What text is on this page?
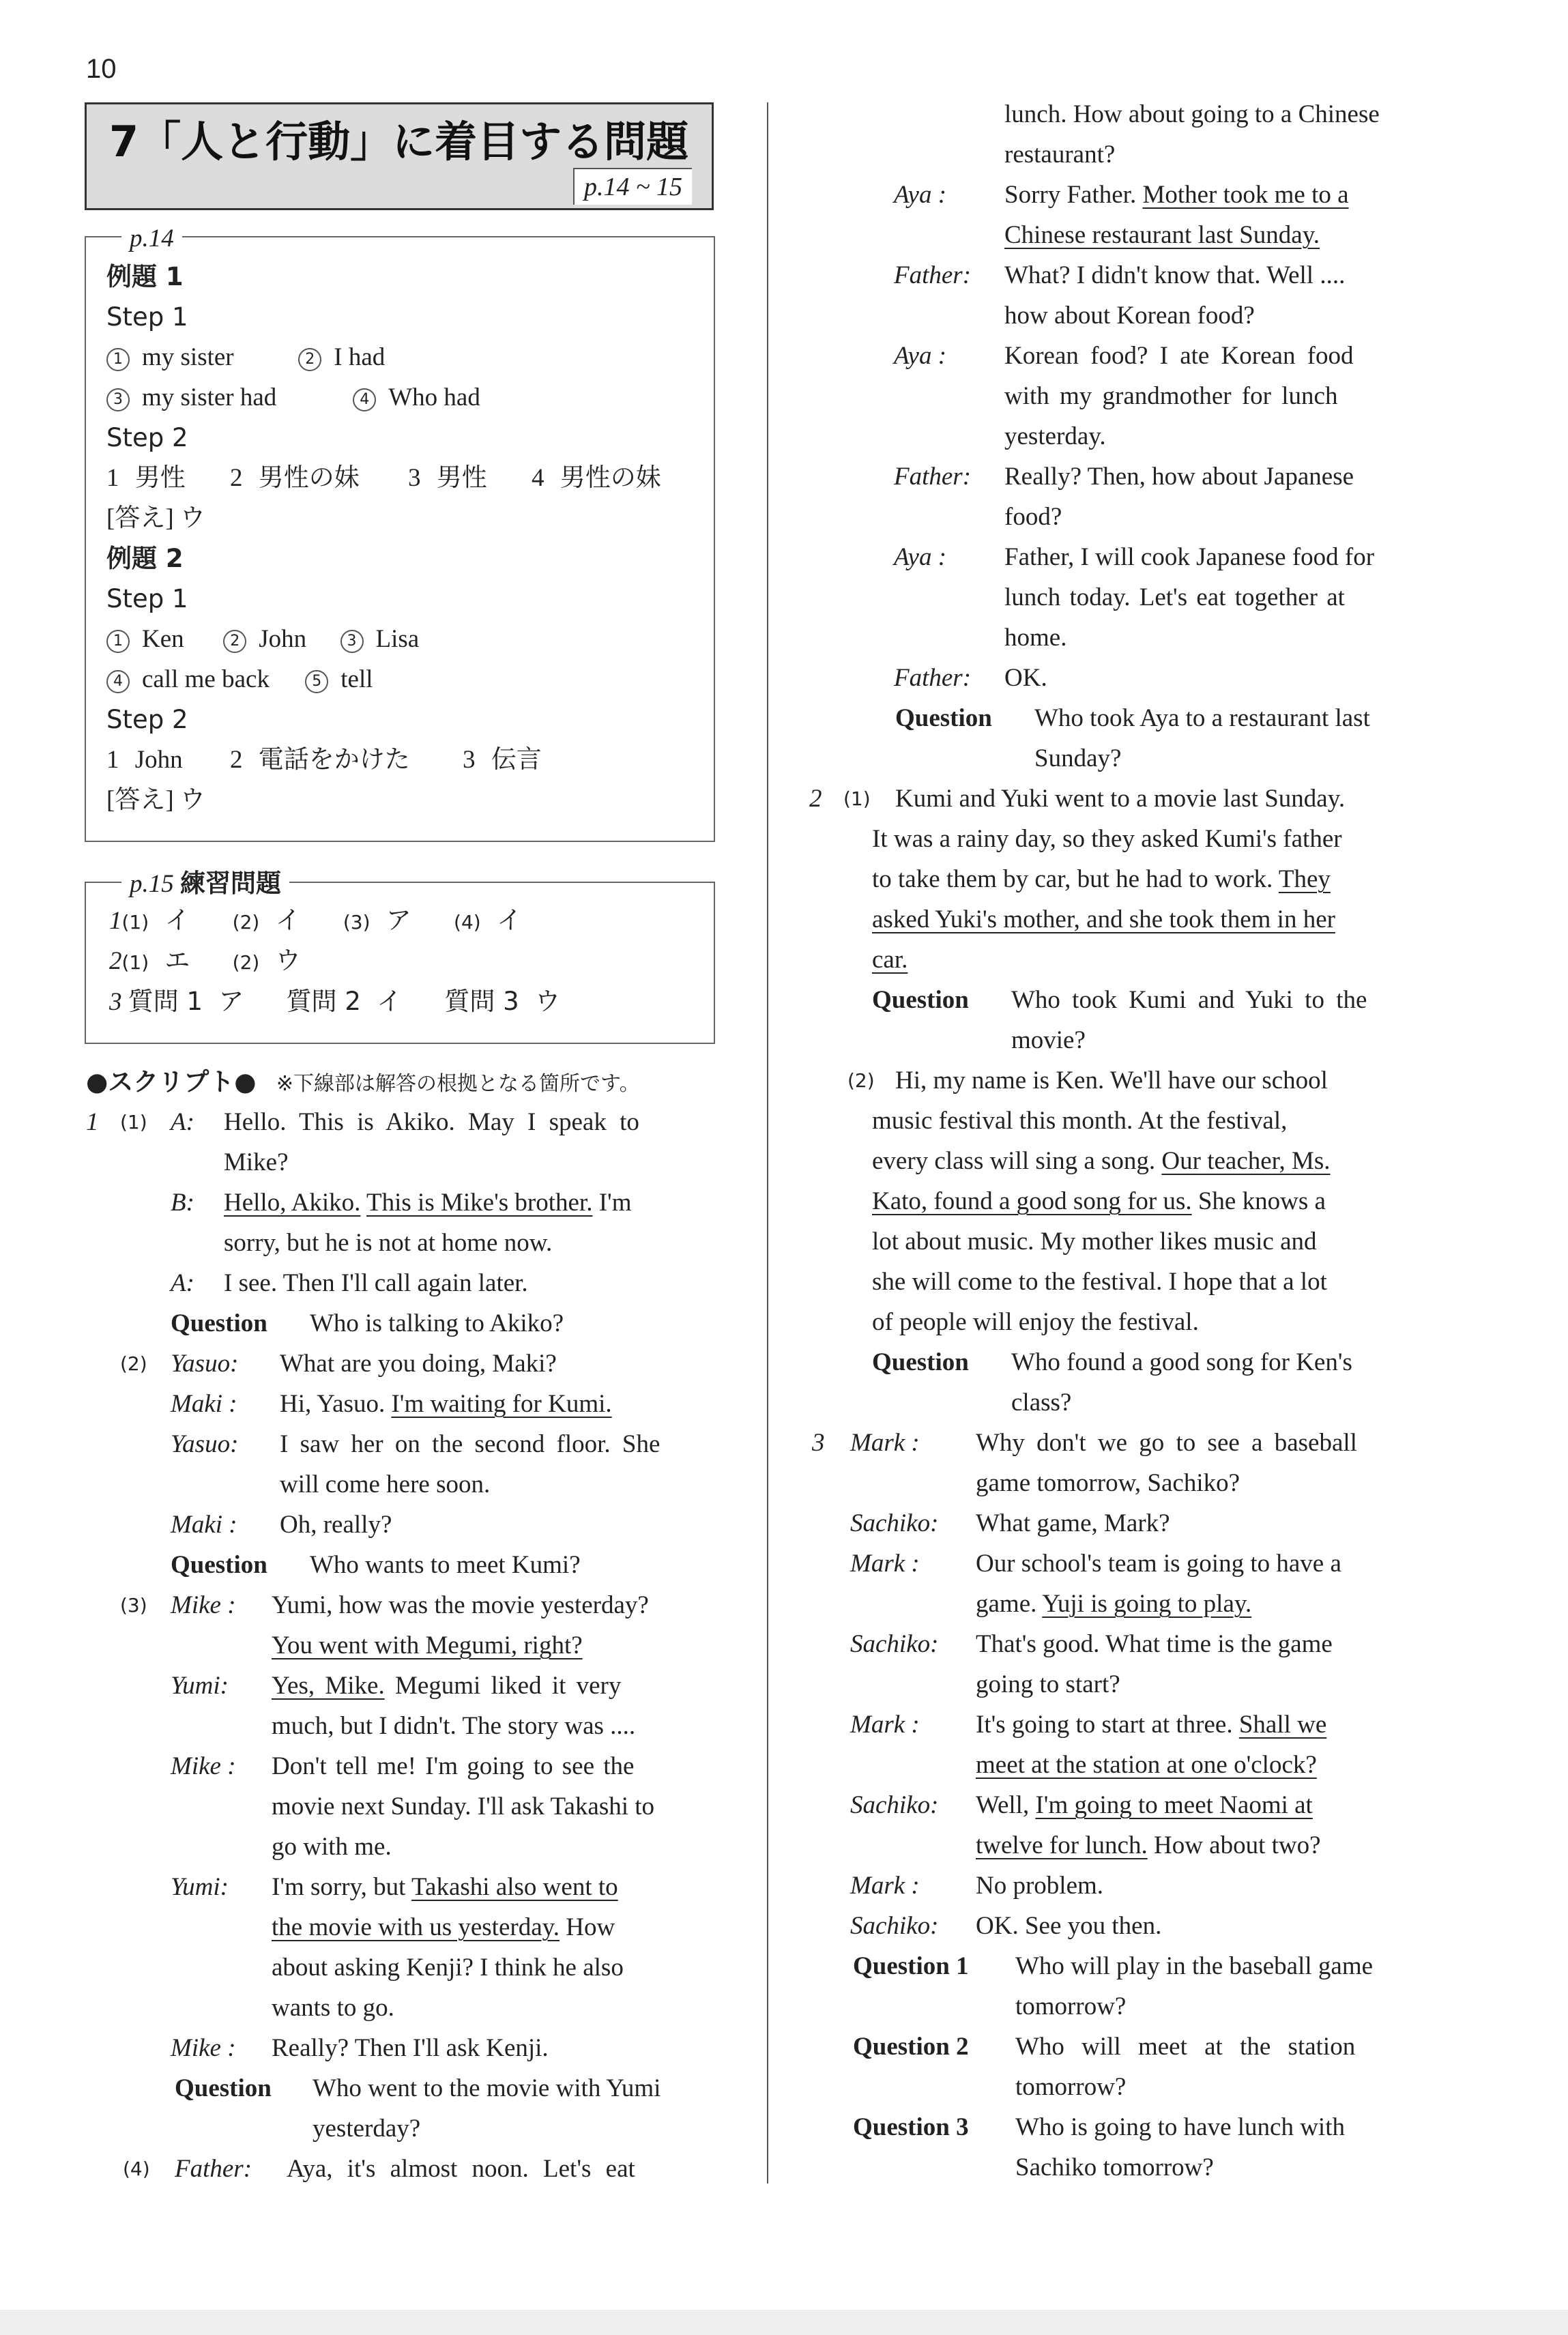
10
7「人と行動」に着目する問題
p.14 ~ 15
p.14
例題 1
Step 1
1 my sister	2 I had
3 my sister had	4 Who had
Step 2
1 男性 2 男性の妹 3 男性 4 男性の妹
[答え] ウ
例題 2
Step 1
1 Ken	2 John	3 Lisa
4 call me back	5 tell
Step 2
1 John 2 電話をかけた 3 伝言
[答え] ウ
p.15 練習問題
1(1) イ (2) イ (3) ア (4) イ
2(1) エ (2) ウ
3 質問 1 ア 質問 2 イ 質問 3 ウ
●スクリプト● ※下線部は解答の根拠となる箇所です。
1 (1) A: Hello. This is Akiko. May I speak to
Mike?
B: Hello, Akiko. This is Mike's brother. I'm
sorry, but he is not at home now.
A: I see. Then I'll call again later.
Question Who is talking to Akiko?
(2) Yasuo: What are you doing, Maki?
Maki : Hi, Yasuo. I'm waiting for Kumi.
Yasuo: I saw her on the second floor. She
will come here soon.
Maki : Oh, really?
Question Who wants to meet Kumi?
(3) Mike : Yumi, how was the movie yesterday?
You went with Megumi, right?
Yumi: Yes, Mike. Megumi liked it very
much, but I didn't. The story was ....
Mike : Don't tell me! I'm going to see the
movie next Sunday. I'll ask Takashi to
go with me.
Yumi: I'm sorry, but Takashi also went to
the movie with us yesterday. How
about asking Kenji? I think he also
wants to go.
Mike : Really? Then I'll ask Kenji.
Question Who went to the movie with Yumi
yesterday?
(4) Father: Aya, it's almost noon. Let's eat
lunch. How about going to a Chinese
restaurant?
Aya : Sorry Father. Mother took me to a
Chinese restaurant last Sunday.
Father: What? I didn't know that. Well ....
how about Korean food?
Aya : Korean food? I ate Korean food
with my grandmother for lunch
yesterday.
Father: Really? Then, how about Japanese
food?
Aya : Father, I will cook Japanese food for
lunch today. Let's eat together at
home.
Father: OK.
Question Who took Aya to a restaurant last
Sunday?
2 (1) Kumi and Yuki went to a movie last Sunday.
It was a rainy day, so they asked Kumi's father
to take them by car, but he had to work. They
asked Yuki's mother, and she took them in her
car.
Question Who took Kumi and Yuki to the
movie?
(2) Hi, my name is Ken. We'll have our school
music festival this month. At the festival,
every class will sing a song. Our teacher, Ms.
Kato, found a good song for us. She knows a
lot about music. My mother likes music and
she will come to the festival. I hope that a lot
of people will enjoy the festival.
Question Who found a good song for Ken's
class?
3 Mark : Why don't we go to see a baseball
game tomorrow, Sachiko?
Sachiko: What game, Mark?
Mark : Our school's team is going to have a
game. Yuji is going to play.
Sachiko: That's good. What time is the game
going to start?
Mark : It's going to start at three. Shall we
meet at the station at one o'clock?
Sachiko: Well, I'm going to meet Naomi at
twelve for lunch. How about two?
Mark : No problem.
Sachiko: OK. See you then.
Question 1 Who will play in the baseball game
tomorrow?
Question 2 Who will meet at the station
tomorrow?
Question 3 Who is going to have lunch with
Sachiko tomorrow?
